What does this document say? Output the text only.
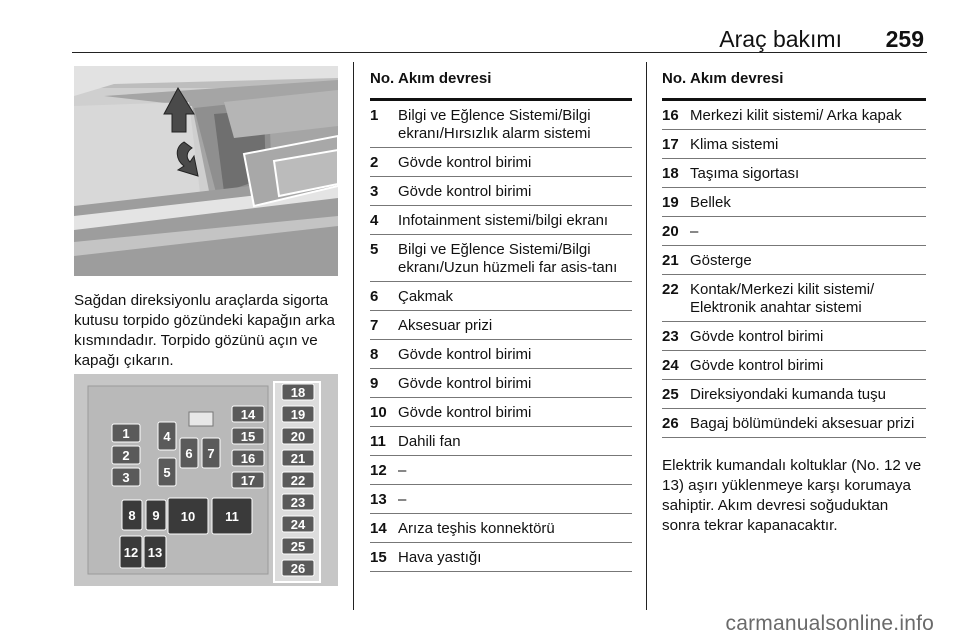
Araç bakımı 259

Sağdan direksiyonlu araçlarda sigorta kutusu torpido gözündeki kapağın arka kısmındadır. Torpido gözünü açın ve kapağı çıkarın.

1
2
3
4
5
6 7
8 9 10 11
12 13
14
15
16
17
18
19
20
21
22
23
24
25
26
No. Akım devresi
1	Bilgi ve Eğlence Sistemi/Bilgi ekranı/Hırsızlık alarm sistemi
2	Gövde kontrol birimi
3	Gövde kontrol birimi
4	Infotainment sistemi/bilgi ekranı
5	Bilgi ve Eğlence Sistemi/Bilgi ekranı/Uzun hüzmeli far asis-tanı
6	Çakmak
7	Aksesuar prizi
8	Gövde kontrol birimi
9	Gövde kontrol birimi
10 Gövde kontrol birimi
11 Dahili fan
12 –
13 –
14 Arıza teşhis konnektörü
15 Hava yastığı
No. Akım devresi
16 Merkezi kilit sistemi/ Arka kapak
17 Klima sistemi
18 Taşıma sigortası
19 Bellek
20 –
21 Gösterge
22 Kontak/Merkezi kilit sistemi/ Elektronik anahtar sistemi
23 Gövde kontrol birimi
24 Gövde kontrol birimi
25 Direksiyondaki kumanda tuşu
26 Bagaj bölümündeki aksesuar prizi

Elektrik kumandalı koltuklar (No. 12 ve 13) aşırı yüklenmeye karşı korumaya sahiptir. Akım devresi soğuduktan sonra tekrar kapanacaktır.

carmanualsonline.info
